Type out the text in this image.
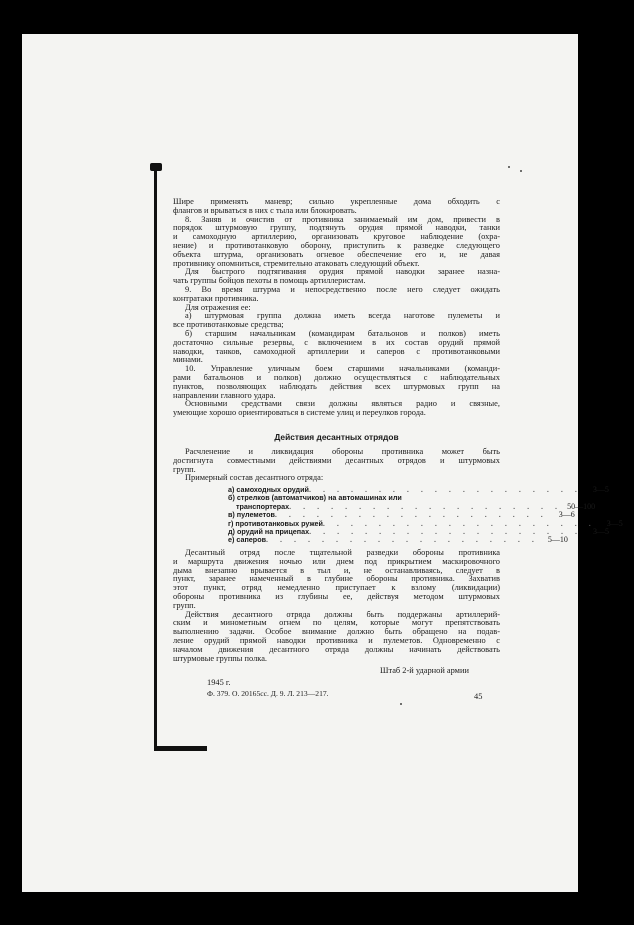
Шире применять маневр; сильно укрепленные дома обходить с
флангов и врываться в них с тыла или блокировать.
8. Заняв и очистив от противника занимаемый им дом, привести в
порядок штурмовую группу, подтянуть орудия прямой наводки, танки
и самоходную артиллерию, организовать круговое наблюдение (охра-
нение) и противотанковую оборону, приступить к разведке следующего
объекта штурма, организовать огневое обеспечение его и, не давая
противнику опомниться, стремительно атаковать следующий объект.
Для быстрого подтягивания орудия прямой наводки заранее назна-
чать группы бойцов пехоты в помощь артиллеристам.
9. Во время штурма и непосредственно после него следует ожидать
контратаки противника.
Для отражения ее:
а) штурмовая группа должна иметь всегда наготове пулеметы и
все противотанковые средства;
б) старшим начальникам (командирам батальонов и полков) иметь
достаточно сильные резервы, с включением в их состав орудий прямой
наводки, танков, самоходной артиллерии и саперов с противотанковыми
минами.
10. Управление уличным боем старшими начальниками (команди-
рами батальонов и полков) должно осуществляться с наблюдательных
пунктов, позволяющих наблюдать действия всех штурмовых групп на
направлении главного удара.
Основными средствами связи должны являться радио и связные,
умеющие хорошо ориентироваться в системе улиц и переулков города.
Действия десантных отрядов
Расчленение и ликвидация обороны противника может быть
достигнута совместными действиями десантных отрядов и штурмовых
групп.
Примерный состав десантного отряда:
а) самоходных орудий . . . . . . . . . . . . . . . . . . . .	3—5
б) стрелков (автоматчиков) на автомашинах или
транспортерах . . . . . . . . . . . . . . . . . . . . 50—100
в) пулеметов . . . . . . . . . . . . . . . . . . . .	3—6
г) противотанковых ружей . . . . . . . . . . . . . . . . . . . .	3—5
д) орудий на прицепах . . . . . . . . . . . . . . . . . . . .	3—5
е) саперов . . . . . . . . . . . . . . . . . . . .	5—10
Десантный отряд после тщательной разведки обороны противника
и маршрута движения ночью или днем под прикрытием маскировочного
дыма внезапно врывается в тыл и, не останавливаясь, следует в
пункт, заранее намеченный в глубине обороны противника. Захватив
этот пункт, отряд немедленно приступает к взлому (ликвидации)
обороны противника из глубины ее, действуя методом штурмовых
групп.
Действия десантного отряда должны быть поддержаны артиллерий-
ским и минометным огнем по целям, которые могут препятствовать
выполнению задачи. Особое внимание должно быть обращено на подав-
ление орудий прямой наводки противника и пулеметов. Одновременно с
началом движения десантного отряда должны начинать действовать
штурмовые группы полка.
Штаб 2-й ударной армии
1945 г.
Ф. 379. О. 20165сс. Д. 9. Л. 213—217.	45
